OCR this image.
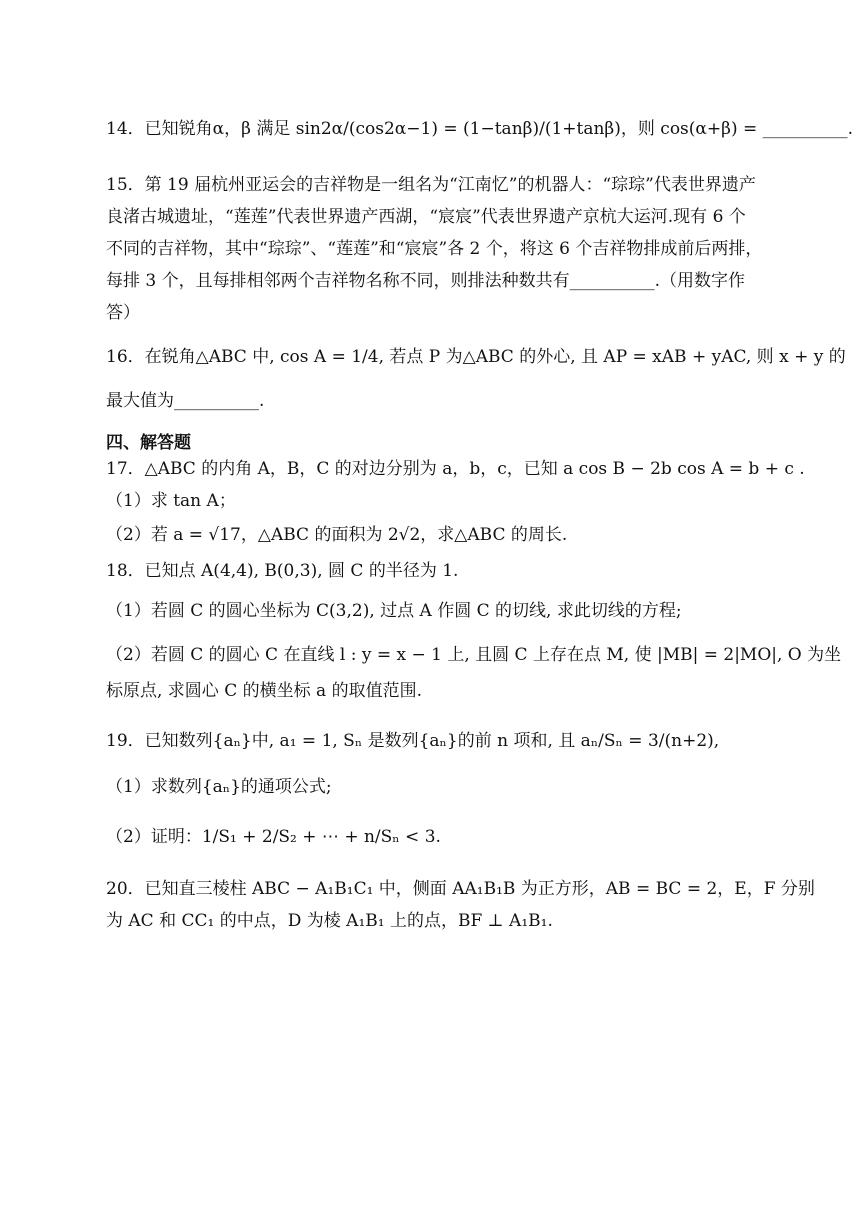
14．已知锐角α，β 满足 sin2α/(cos2α−1) = (1−tanβ)/(1+tanβ)，则 cos(α+β) = __________.
15．第 19 届杭州亚运会的吉祥物是一组名为“江南忆”的机器人：“琮琮”代表世界遗产
良渚古城遗址，“莲莲”代表世界遗产西湖，“宸宸”代表世界遗产京杭大运河.现有 6 个
不同的吉祥物，其中“琮琮”、“莲莲”和“宸宸”各 2 个，将这 6 个吉祥物排成前后两排，
每排 3 个，且每排相邻两个吉祥物名称不同，则排法种数共有__________.（用数字作
答）
16．在锐角△ABC 中, cos A = 1/4, 若点 P 为△ABC 的外心, 且 AP = xAB + yAC, 则 x + y 的
最大值为__________.
四、解答题
17．△ABC 的内角 A，B，C 的对边分别为 a，b，c，已知 a cos B − 2b cos A = b + c .
（1）求 tan A；
（2）若 a = √17，△ABC 的面积为 2√2，求△ABC 的周长.
18．已知点 A(4,4), B(0,3), 圆 C 的半径为 1.
（1）若圆 C 的圆心坐标为 C(3,2), 过点 A 作圆 C 的切线, 求此切线的方程;
（2）若圆 C 的圆心 C 在直线 l : y = x − 1 上, 且圆 C 上存在点 M, 使 |MB| = 2|MO|, O 为坐
标原点, 求圆心 C 的横坐标 a 的取值范围.
19．已知数列{aₙ}中, a₁ = 1, Sₙ 是数列{aₙ}的前 n 项和, 且 aₙ/Sₙ = 3/(n+2),
（1）求数列{aₙ}的通项公式;
（2）证明：1/S₁ + 2/S₂ + ⋯ + n/Sₙ < 3.
20．已知直三棱柱 ABC − A₁B₁C₁ 中，侧面 AA₁B₁B 为正方形，AB = BC = 2，E，F 分别
为 AC 和 CC₁ 的中点，D 为棱 A₁B₁ 上的点，BF ⊥ A₁B₁.
